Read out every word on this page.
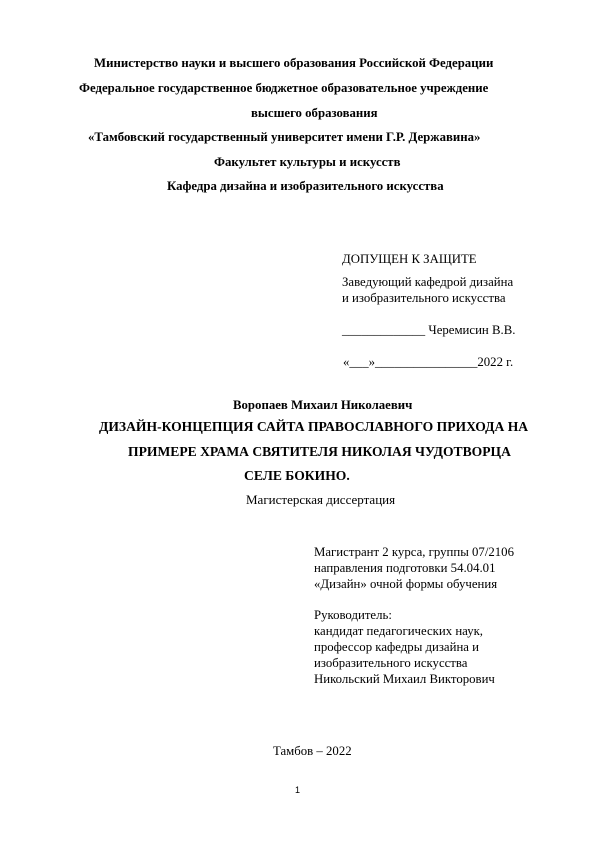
Министерство науки и высшего образования Российской Федерации
Федеральное государственное бюджетное образовательное учреждение
высшего образования
«Тамбовский государственный университет имени Г.Р. Державина»
Факультет культуры и искусств
Кафедра дизайна и изобразительного искусства
ДОПУЩЕН К ЗАЩИТЕ
Заведующий кафедрой дизайна
и изобразительного искусства
_____________ Черемисин В.В.
«___»________________2022 г.
Воропаев Михаил Николаевич
ДИЗАЙН-КОНЦЕПЦИЯ САЙТА ПРАВОСЛАВНОГО ПРИХОДА НА
ПРИМЕРЕ ХРАМА СВЯТИТЕЛЯ НИКОЛАЯ ЧУДОТВОРЦА
СЕЛЕ БОКИНО.
Магистерская диссертация
Магистрант 2 курса, группы 07/2106
направления подготовки 54.04.01
«Дизайн» очной формы обучения
Руководитель:
кандидат педагогических наук,
профессор кафедры дизайна и
изобразительного искусства
Никольский Михаил Викторович
Тамбов – 2022
1
